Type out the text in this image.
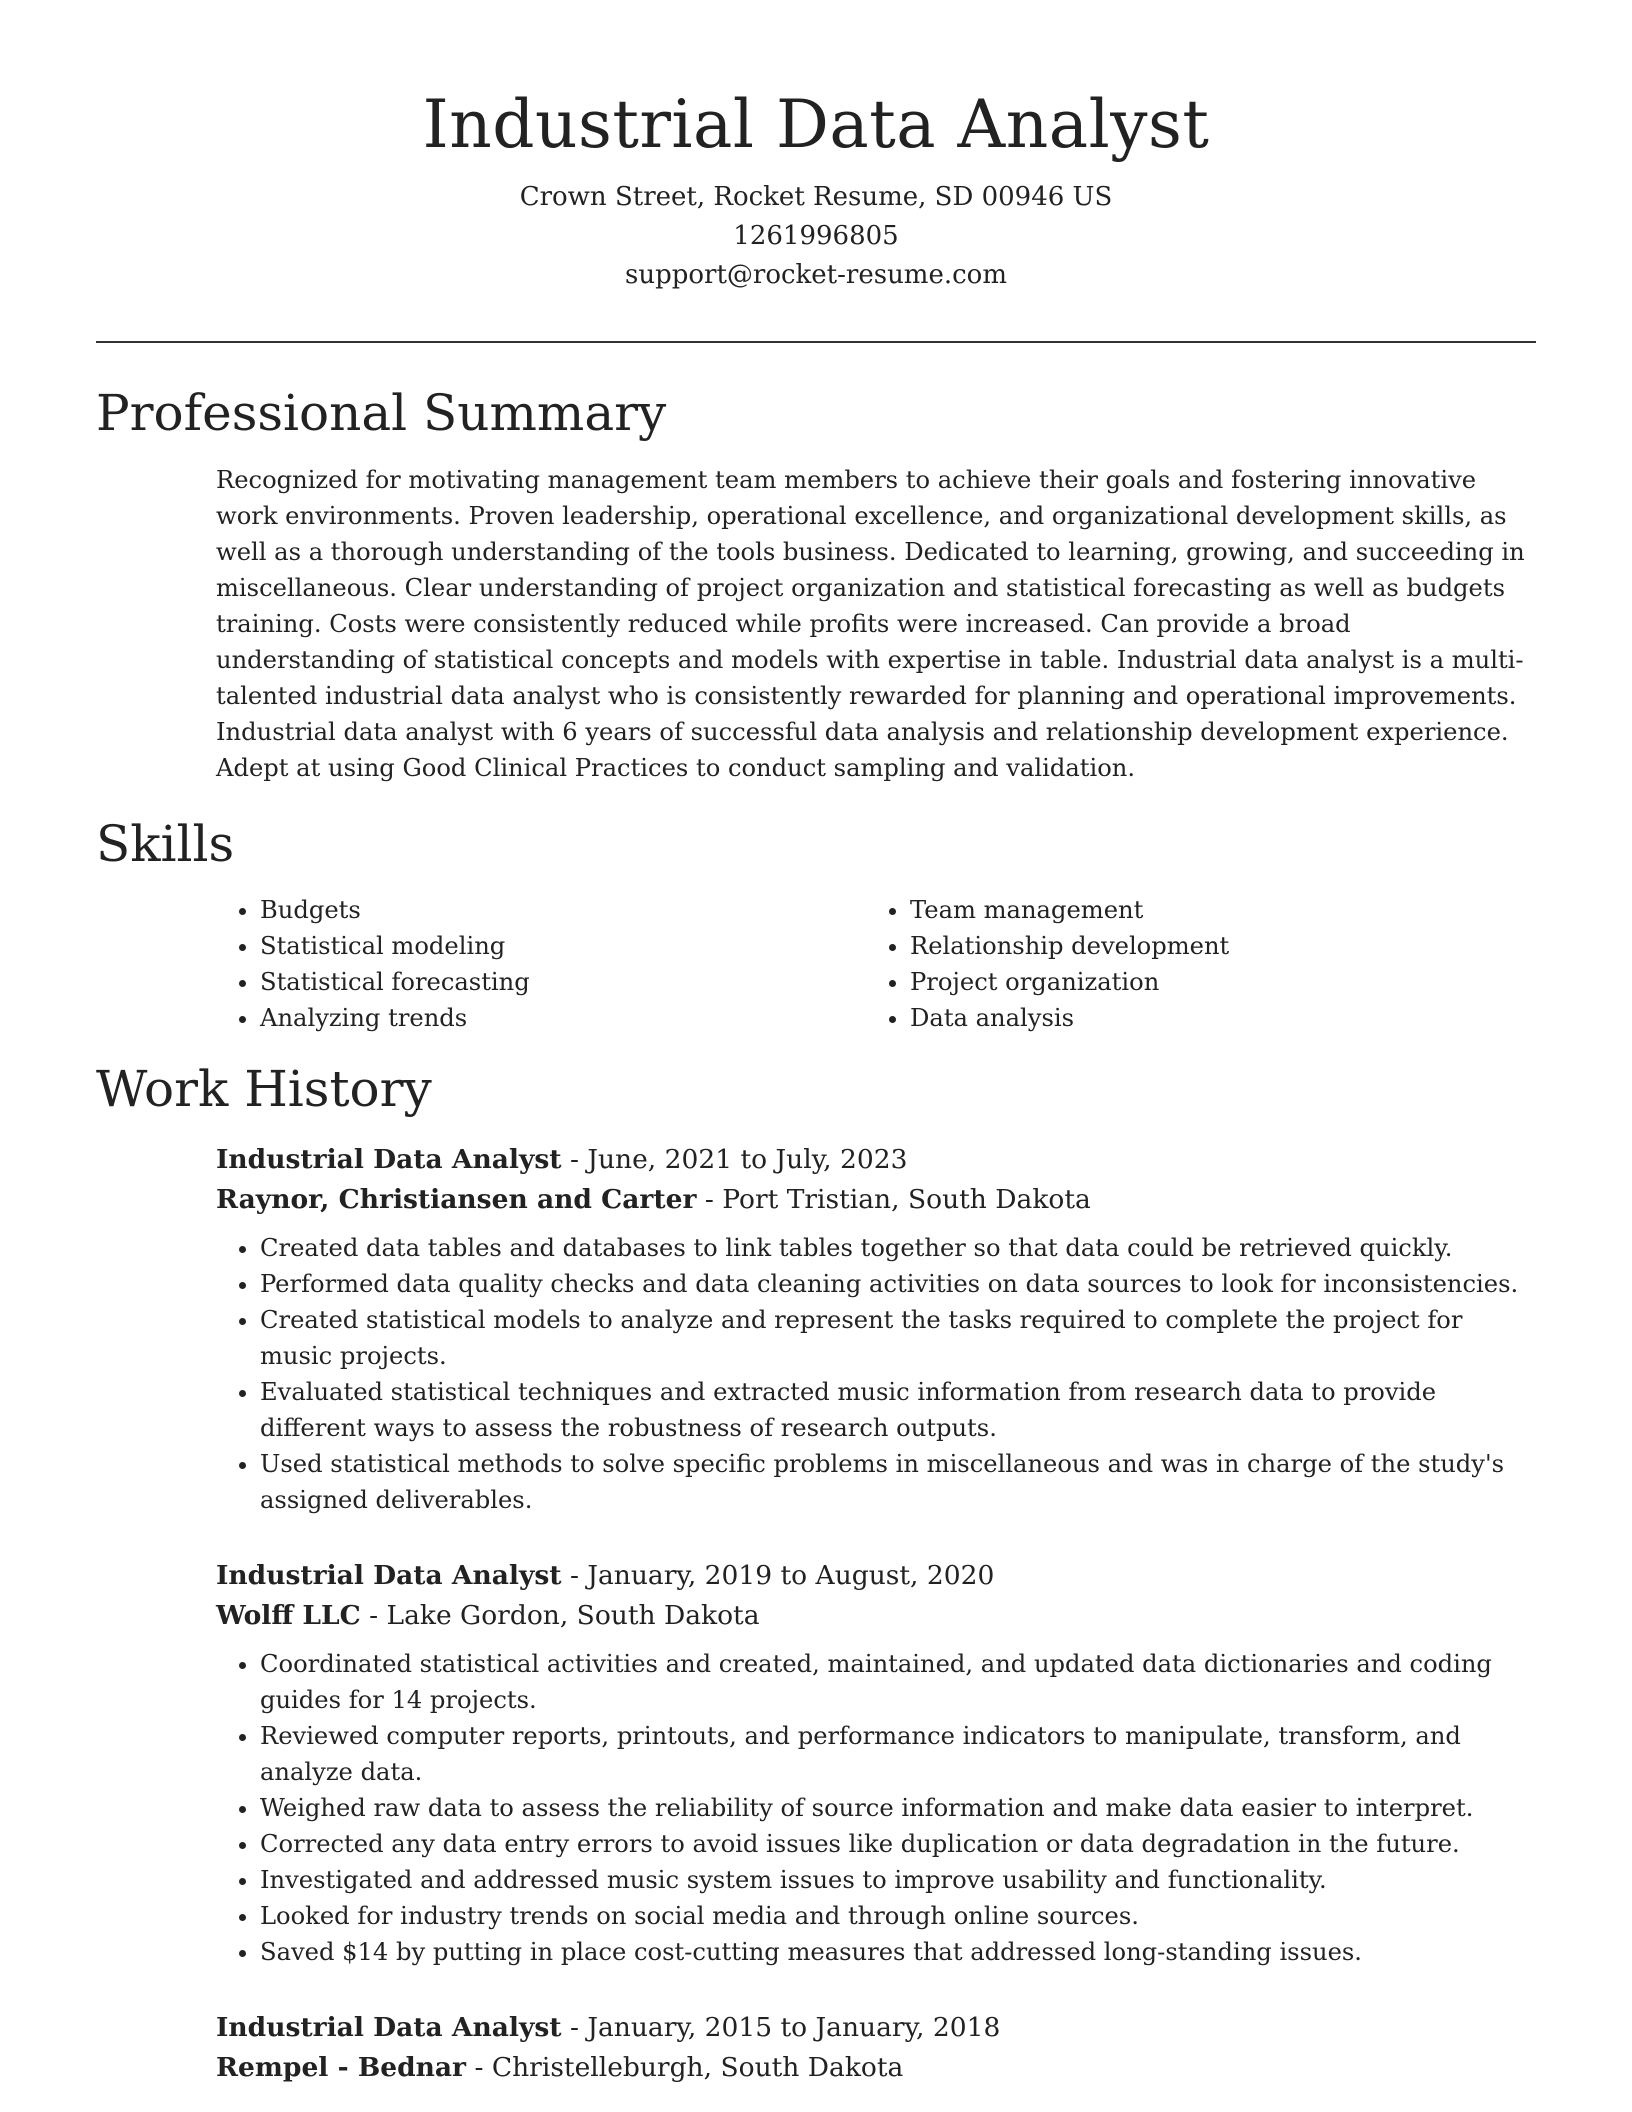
Industrial Data Analyst

Crown Street, Rocket Resume, SD 00946 US

1261996805

support@rocket-resume.com

Professional Summary

Recognized for motivating management team members to achieve their goals and fostering innovative work environments. Proven leadership, operational excellence, and organizational development skills, as well as a thorough understanding of the tools business. Dedicated to learning, growing, and succeeding in miscellaneous. Clear understanding of project organization and statistical forecasting as well as budgets training. Costs were consistently reduced while profits were increased. Can provide a broad understanding of statistical concepts and models with expertise in table. Industrial data analyst is a multi-talented industrial data analyst who is consistently rewarded for planning and operational improvements. Industrial data analyst with 6 years of successful data analysis and relationship development experience. Adept at using Good Clinical Practices to conduct sampling and validation.

Skills
• Budgets
• Statistical modeling
• Statistical forecasting
• Analyzing trends
• Team management
• Relationship development
• Project organization
• Data analysis
Work History

Industrial Data Analyst - June, 2021 to July, 2023

Raynor, Christiansen and Carter - Port Tristian, South Dakota

• Created data tables and databases to link tables together so that data could be retrieved quickly.
• Performed data quality checks and data cleaning activities on data sources to look for inconsistencies.
• Created statistical models to analyze and represent the tasks required to complete the project for music projects.
• Evaluated statistical techniques and extracted music information from research data to provide different ways to assess the robustness of research outputs.
• Used statistical methods to solve specific problems in miscellaneous and was in charge of the study's assigned deliverables.

Industrial Data Analyst - January, 2019 to August, 2020

Wolff LLC - Lake Gordon, South Dakota

• Coordinated statistical activities and created, maintained, and updated data dictionaries and coding guides for 14 projects.
• Reviewed computer reports, printouts, and performance indicators to manipulate, transform, and analyze data.
• Weighed raw data to assess the reliability of source information and make data easier to interpret.
• Corrected any data entry errors to avoid issues like duplication or data degradation in the future.
• Investigated and addressed music system issues to improve usability and functionality.
• Looked for industry trends on social media and through online sources.
• Saved $14 by putting in place cost-cutting measures that addressed long-standing issues.

Industrial Data Analyst - January, 2015 to January, 2018

Rempel - Bednar - Christelleburgh, South Dakota
